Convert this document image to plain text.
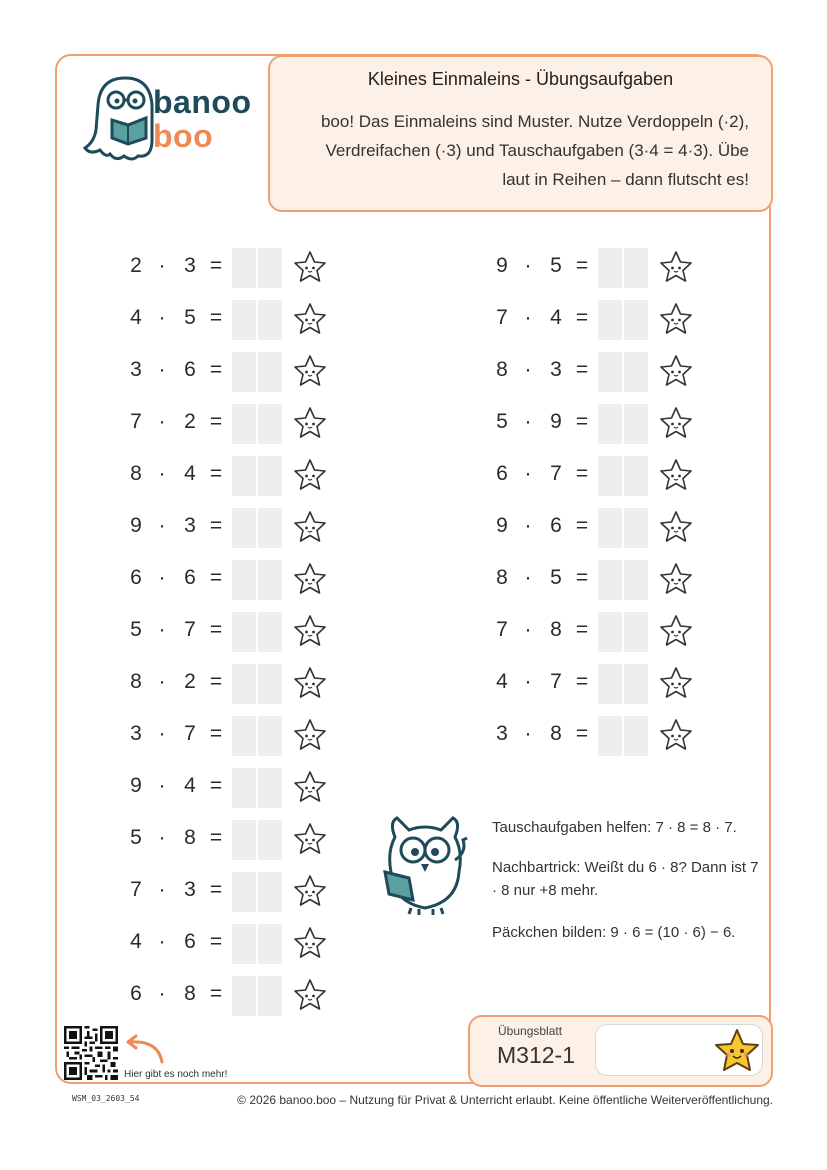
banoo
boo
Kleines Einmaleins - Übungsaufgaben
boo! Das Einmaleins sind Muster. Nutze Verdoppeln (·2), Verdreifachen (·3) und Tauschaufgaben (3·4 = 4·3). Übe laut in Reihen – dann flutscht es!
2 · 3 =
4 · 5 =
3 · 6 =
7 · 2 =
8 · 4 =
9 · 3 =
6 · 6 =
5 · 7 =
8 · 2 =
3 · 7 =
9 · 4 =
5 · 8 =
7 · 3 =
4 · 6 =
6 · 8 =
9 · 5 =
7 · 4 =
8 · 3 =
5 · 9 =
6 · 7 =
9 · 6 =
8 · 5 =
7 · 8 =
4 · 7 =
3 · 8 =
Tauschaufgaben helfen: 7 · 8 = 8 · 7.
Nachbartrick: Weißt du 6 · 8? Dann ist 7 · 8 nur +8 mehr.
Päckchen bilden: 9 · 6 = (10 · 6) − 6.
Übungsblatt
M312-1
Hier gibt es noch mehr!
WSM_03_2603_54	© 2026 banoo.boo – Nutzung für Privat & Unterricht erlaubt. Keine öffentliche Weiterveröffentlichung.
